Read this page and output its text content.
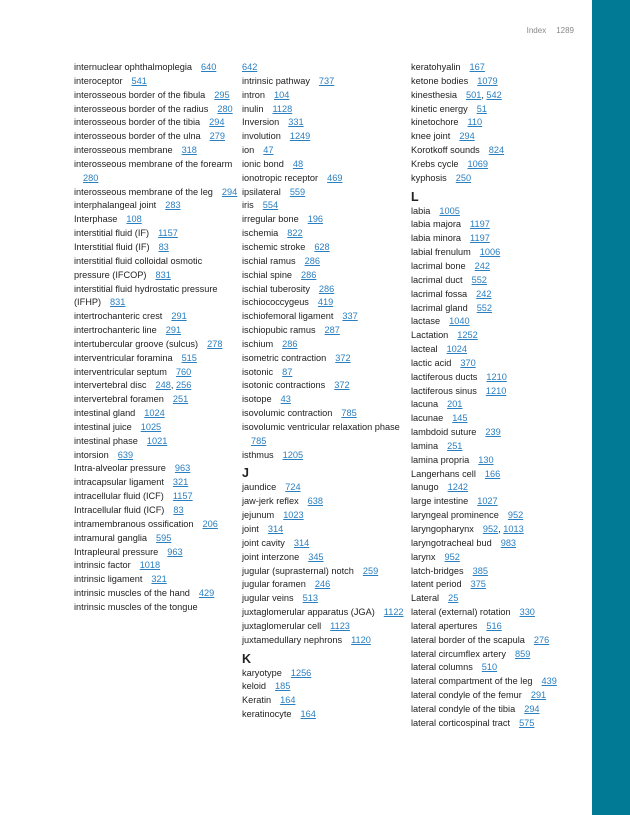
Index 1289
internuclear ophthalmoplegia 640
interoceptor 541
interosseous border of the fibula 295
interosseous border of the radius 280
interosseous border of the tibia 294
interosseous border of the ulna 279
interosseous membrane 318
interosseous membrane of the forearm280
interosseous membrane of the leg 294
interphalangeal joint 283
Interphase 108
interstitial fluid (IF) 1157
Interstitial fluid (IF) 83
interstitial fluid colloidal osmotic pressure (IFCOP) 831
interstitial fluid hydrostatic pressure (IFHP) 831
intertrochanteric crest 291
intertrochanteric line 291
intertubercular groove (sulcus) 278
interventricular foramina 515
interventricular septum 760
intervertebral disc 248, 256
intervertebral foramen 251
intestinal gland 1024
intestinal juice 1025
intestinal phase 1021
intorsion 639
Intra-alveolar pressure 963
intracapsular ligament 321
intracellular fluid (ICF) 1157
Intracellular fluid (ICF) 83
intramembranous ossification 206
intramural ganglia 595
Intrapleural pressure 963
intrinsic factor 1018
intrinsic ligament 321
intrinsic muscles of the hand 429
intrinsic muscles of the tongue
642
intrinsic pathway 737
intron 104
inulin 1128
Inversion 331
involution 1249
ion 47
ionic bond 48
ionotropic receptor 469
ipsilateral 559
iris 554
irregular bone 196
ischemia 822
ischemic stroke 628
ischial ramus 286
ischial spine 286
ischial tuberosity 286
ischiococcygeus 419
ischiofemoral ligament 337
ischiopubic ramus 287
ischium 286
isometric contraction 372
isotonic 87
isotonic contractions 372
isotope 43
isovolumic contraction 785
isovolumic ventricular relaxation phase785
isthmus 1205
J
jaundice 724
jaw-jerk reflex 638
jejunum 1023
joint 314
joint cavity 314
joint interzone 345
jugular (suprasternal) notch 259
jugular foramen 246
jugular veins 513
juxtaglomerular apparatus (JGA) 1122
juxtaglomerular cell 1123
juxtamedullary nephrons 1120
K
karyotype 1256
keloid 185
Keratin 164
keratinocyte 164
keratohyalin 167
ketone bodies 1079
kinesthesia 501, 542
kinetic energy 51
kinetochore 110
knee joint 294
Korotkoff sounds 824
Krebs cycle 1069
kyphosis 250
L
labia 1005
labia majora 1197
labia minora 1197
labial frenulum 1006
lacrimal bone 242
lacrimal duct 552
lacrimal fossa 242
lacrimal gland 552
lactase 1040
Lactation 1252
lacteal 1024
lactic acid 370
lactiferous ducts 1210
lactiferous sinus 1210
lacuna 201
lacunae 145
lambdoid suture 239
lamina 251
lamina propria 130
Langerhans cell 166
lanugo 1242
large intestine 1027
laryngeal prominence 952
laryngopharynx 952, 1013
laryngotracheal bud 983
larynx 952
latch-bridges 385
latent period 375
Lateral 25
lateral (external) rotation 330
lateral apertures 516
lateral border of the scapula 276
lateral circumflex artery 859
lateral columns 510
lateral compartment of the leg 439
lateral condyle of the femur 291
lateral condyle of the tibia 294
lateral corticospinal tract 575
